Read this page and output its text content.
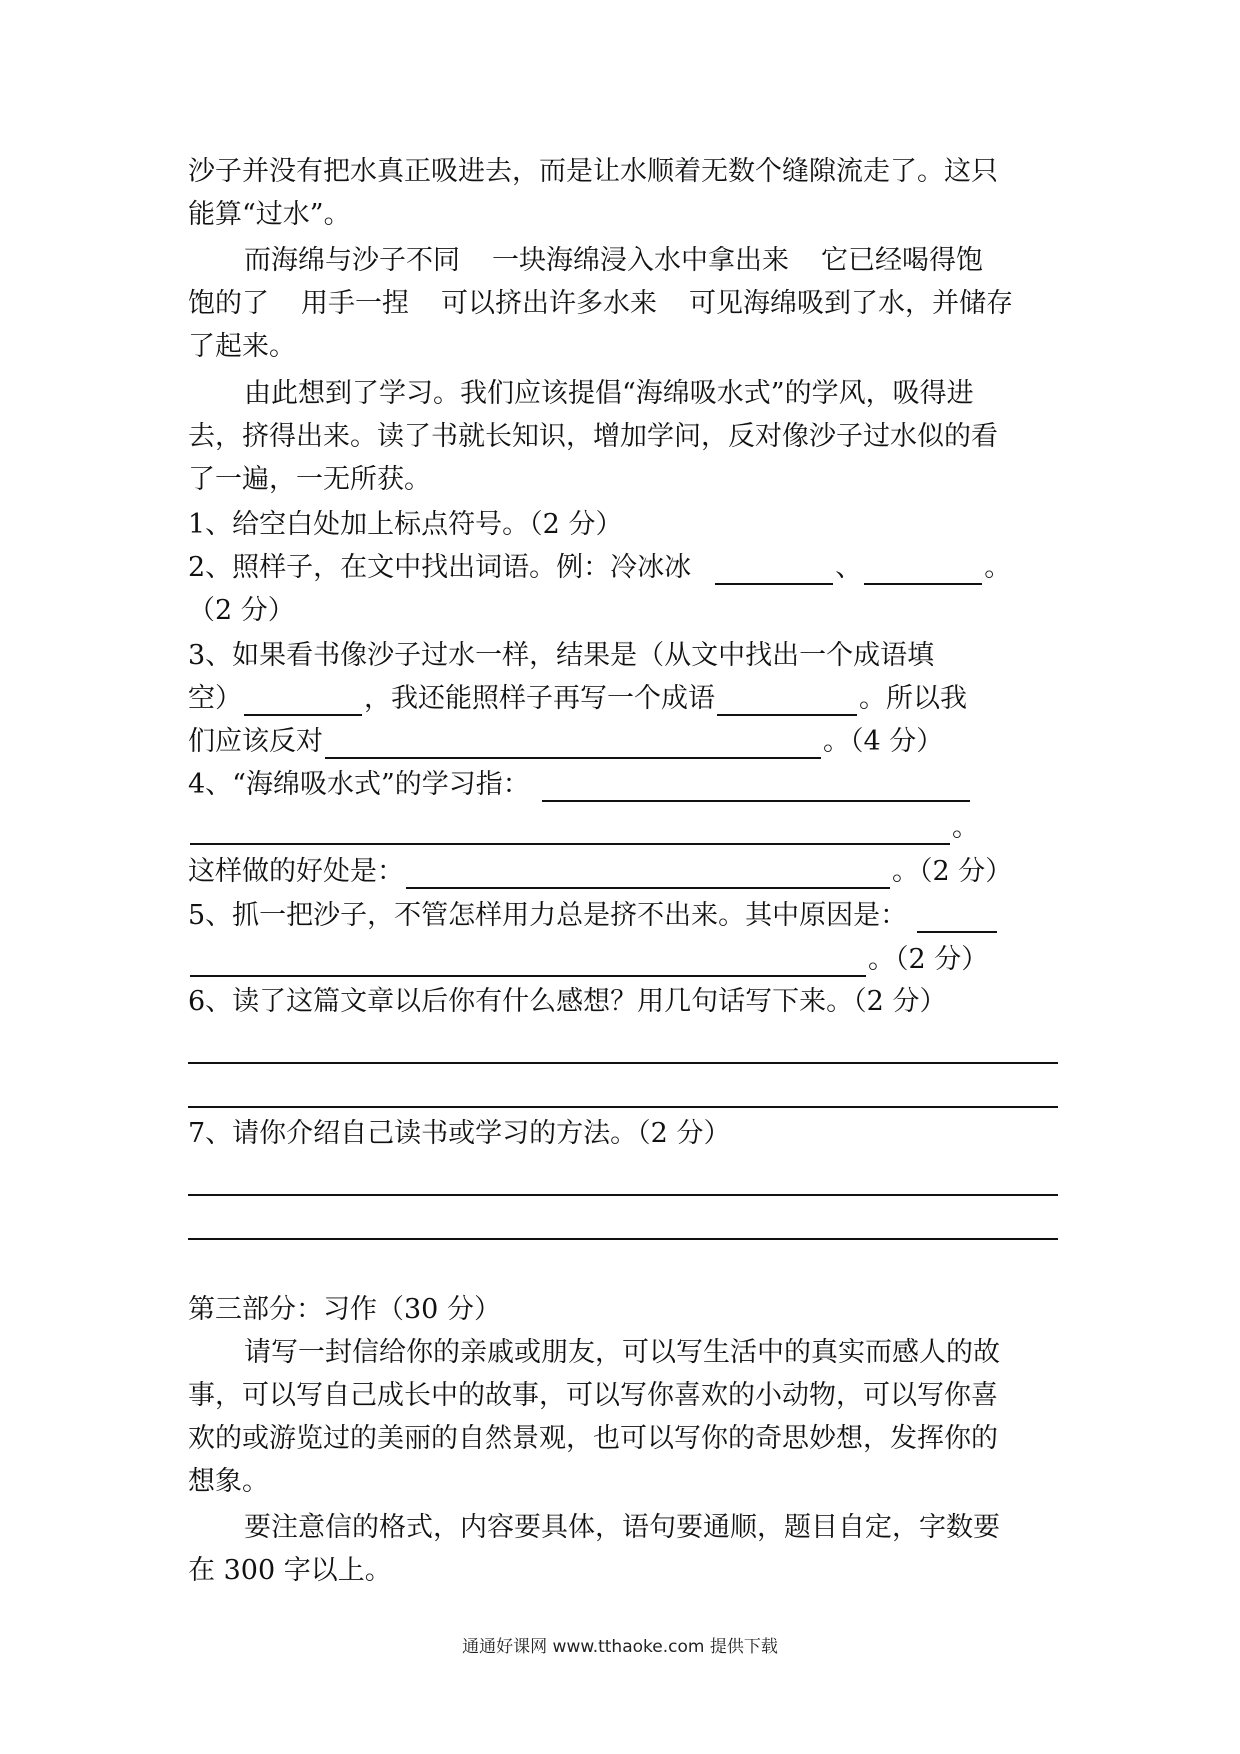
沙子并没有把水真正吸进去，而是让水顺着无数个缝隙流走了。这只
能算“过水”。
而海绵与沙子不同 一块海绵浸入水中拿出来 它已经喝得饱
饱的了 用手一捏 可以挤出许多水来 可见海绵吸到了水，并储存
了起来。
由此想到了学习。我们应该提倡“海绵吸水式”的学风，吸得进
去，挤得出来。读了书就长知识，增加学问，反对像沙子过水似的看
了一遍，一无所获。
1、给空白处加上标点符号。（2 分）
2、照样子，在文中找出词语。例：冷冰冰	、	。
（2 分）
3、如果看书像沙子过水一样，结果是（从文中找出一个成语填
空）	，我还能照样子再写一个成语	。所以我
们应该反对	。（4 分）
4、“海绵吸水式”的学习指：
。
这样做的好处是：	。（2 分）
5、抓一把沙子，不管怎样用力总是挤不出来。其中原因是：
。（2 分）
6、读了这篇文章以后你有什么感想？用几句话写下来。（2 分）
7、请你介绍自己读书或学习的方法。（2 分）
第三部分：习作（30 分）
请写一封信给你的亲戚或朋友，可以写生活中的真实而感人的故
事，可以写自己成长中的故事，可以写你喜欢的小动物，可以写你喜
欢的或游览过的美丽的自然景观，也可以写你的奇思妙想，发挥你的
想象。
要注意信的格式，内容要具体，语句要通顺，题目自定，字数要
在 300 字以上。
通通好课网 www.tthaoke.com 提供下载
